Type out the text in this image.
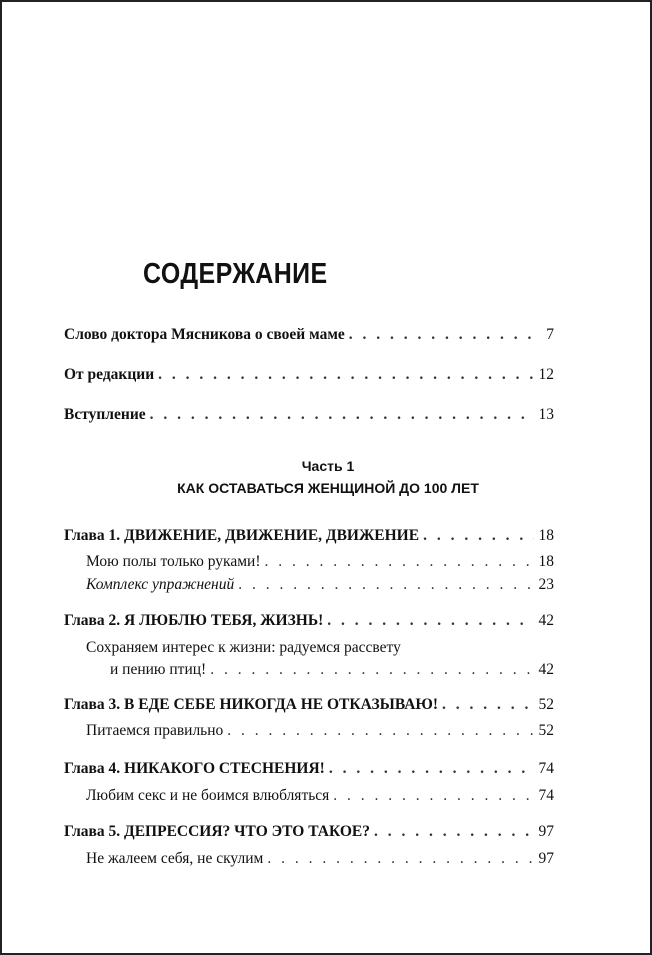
СОДЕРЖАНИЕ
Слово доктора Мясникова о своей маме . . .	7
От редакции . . .	12
Вступление . . .	13
Часть 1
КАК ОСТАВАТЬСЯ ЖЕНЩИНОЙ ДО 100 ЛЕТ
Глава 1. ДВИЖЕНИЕ, ДВИЖЕНИЕ, ДВИЖЕНИЕ . . .	18
Мою полы только руками! . . .	18
Комплекс упражнений . . .	23
Глава 2. Я ЛЮБЛЮ ТЕБЯ, ЖИЗНЬ! . . .	42
Сохраняем интерес к жизни: радуемся рассвету
и пению птиц! . . .	42
Глава 3. В ЕДЕ СЕБЕ НИКОГДА НЕ ОТКАЗЫВАЮ! . . .	52
Питаемся правильно . . .	52
Глава 4. НИКАКОГО СТЕСНЕНИЯ! . . .	74
Любим секс и не боимся влюбляться . . .	74
Глава 5. ДЕПРЕССИЯ? ЧТО ЭТО ТАКОЕ? . . .	97
Не жалеем себя, не скулим . . .	97
